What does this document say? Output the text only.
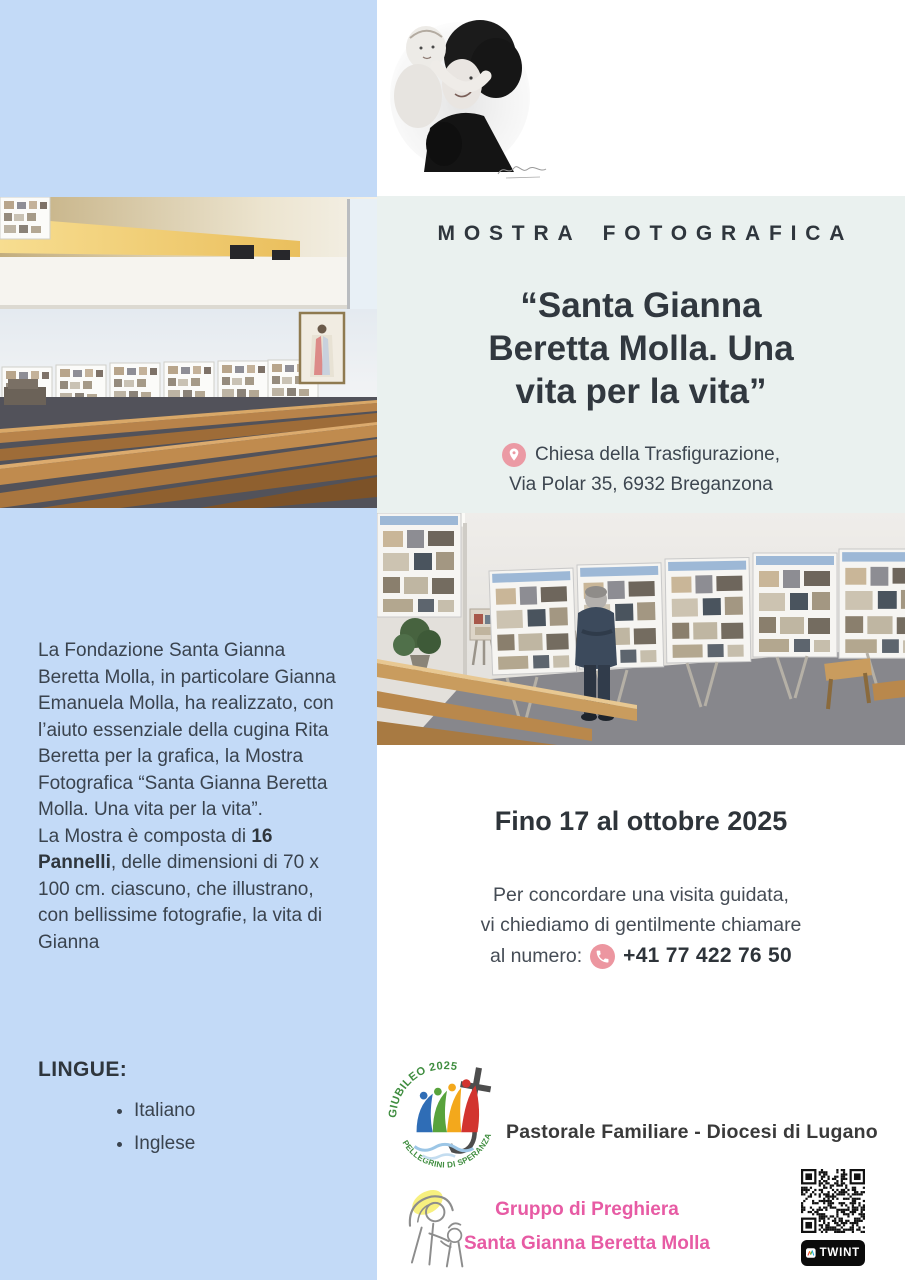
MOSTRA FOTOGRAFICA
“Santa Gianna
Beretta Molla. Una
vita per la vita”
Chiesa della Trasfigurazione,
Via Polar 35, 6932 Breganzona
La Fondazione Santa Gianna Beretta Molla, in particolare Gianna Emanuela Molla, ha realizzato, con l’aiuto essenziale della cugina Rita Beretta per la grafica, la Mostra Fotografica “Santa Gianna Beretta Molla. Una vita per la vita”.
La Mostra è composta di 16 Pannelli, delle dimensioni di 70 x 100 cm. ciascuno, che illustrano, con bellissime fotografie, la vita di Gianna
LINGUE:
• Italiano
• Inglese
Fino 17 al ottobre 2025
Per concordare una visita guidata,
vi chiediamo di gentilmente chiamare
al numero: +41 77 422 76 50
GIUBILEO 2025
PELLEGRINI DI SPERANZA Pastorale Familiare - Diocesi di Lugano
Gruppo di Preghiera
Santa Gianna Beretta Molla	TWINT
